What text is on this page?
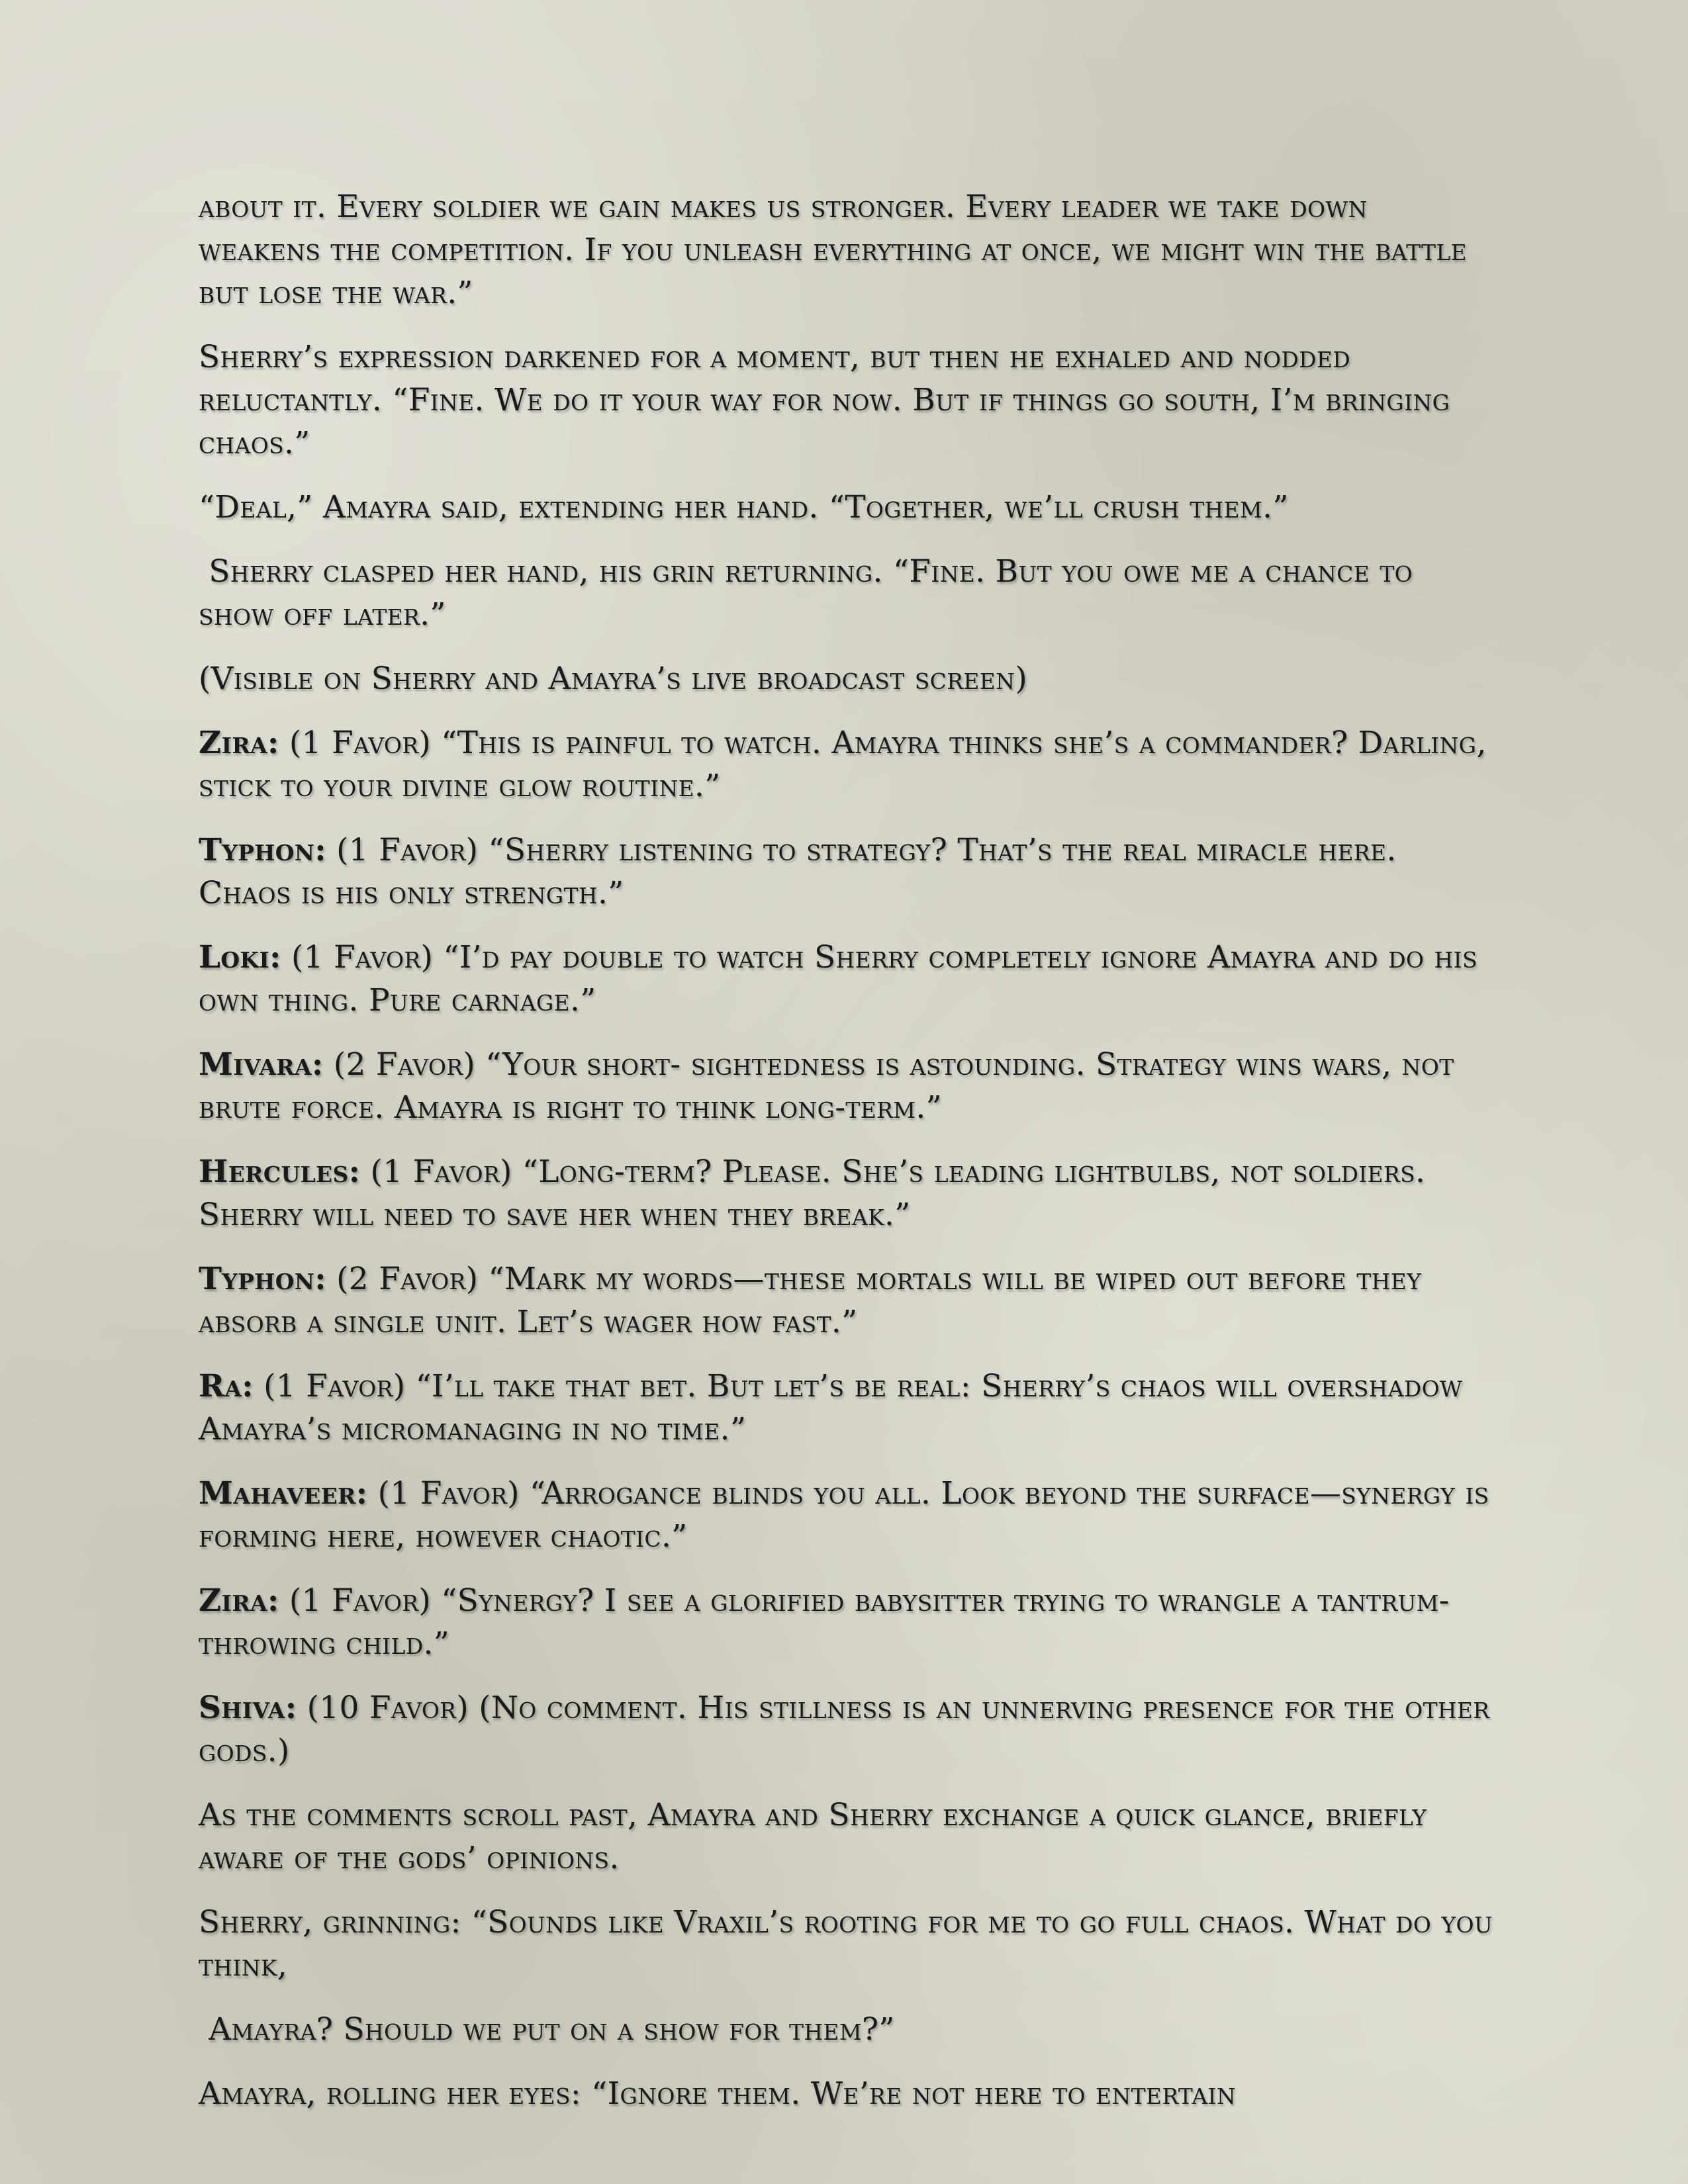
about it. Every soldier we gain makes us stronger. Every leader we take down weakens the competition. If you unleash everything at once, we might win the battle but lose the war.”

Sherry’s expression darkened for a moment, but then he exhaled and nodded reluctantly. “Fine. We do it your way for now. But if things go south, I’m bringing chaos.”

“Deal,” Amayra said, extending her hand. “Together, we’ll crush them.”

Sherry clasped her hand, his grin returning. “Fine. But you owe me a chance to show off later.”

(Visible on Sherry and Amayra’s live broadcast screen)

Zira: (1 Favor) “This is painful to watch. Amayra thinks she’s a commander? Darling, stick to your divine glow routine.”

Typhon: (1 Favor) “Sherry listening to strategy? That’s the real miracle here. Chaos is his only strength.”

Loki: (1 Favor) “I’d pay double to watch Sherry completely ignore Amayra and do his own thing. Pure carnage.”

Mivara: (2 Favor) “Your short- sightedness is astounding. Strategy wins wars, not brute force. Amayra is right to think long-term.”

Hercules: (1 Favor) “Long-term? Please. She’s leading lightbulbs, not soldiers. Sherry will need to save her when they break.”

Typhon: (2 Favor) “Mark my words—these mortals will be wiped out before they absorb a single unit. Let’s wager how fast.”

Ra: (1 Favor) “I’ll take that bet. But let’s be real: Sherry’s chaos will overshadow Amayra’s micromanaging in no time.”

Mahaveer: (1 Favor) “Arrogance blinds you all. Look beyond the surface—synergy is forming here, however chaotic.”

Zira: (1 Favor) “Synergy? I see a glorified babysitter trying to wrangle a tantrum-throwing child.”

Shiva: (10 Favor) (No comment. His stillness is an unnerving presence for the other gods.)

As the comments scroll past, Amayra and Sherry exchange a quick glance, briefly aware of the gods’ opinions.

Sherry, grinning: “Sounds like Vraxil’s rooting for me to go full chaos. What do you think,

Amayra? Should we put on a show for them?”

Amayra, rolling her eyes: “Ignore them. We’re not here to entertain
